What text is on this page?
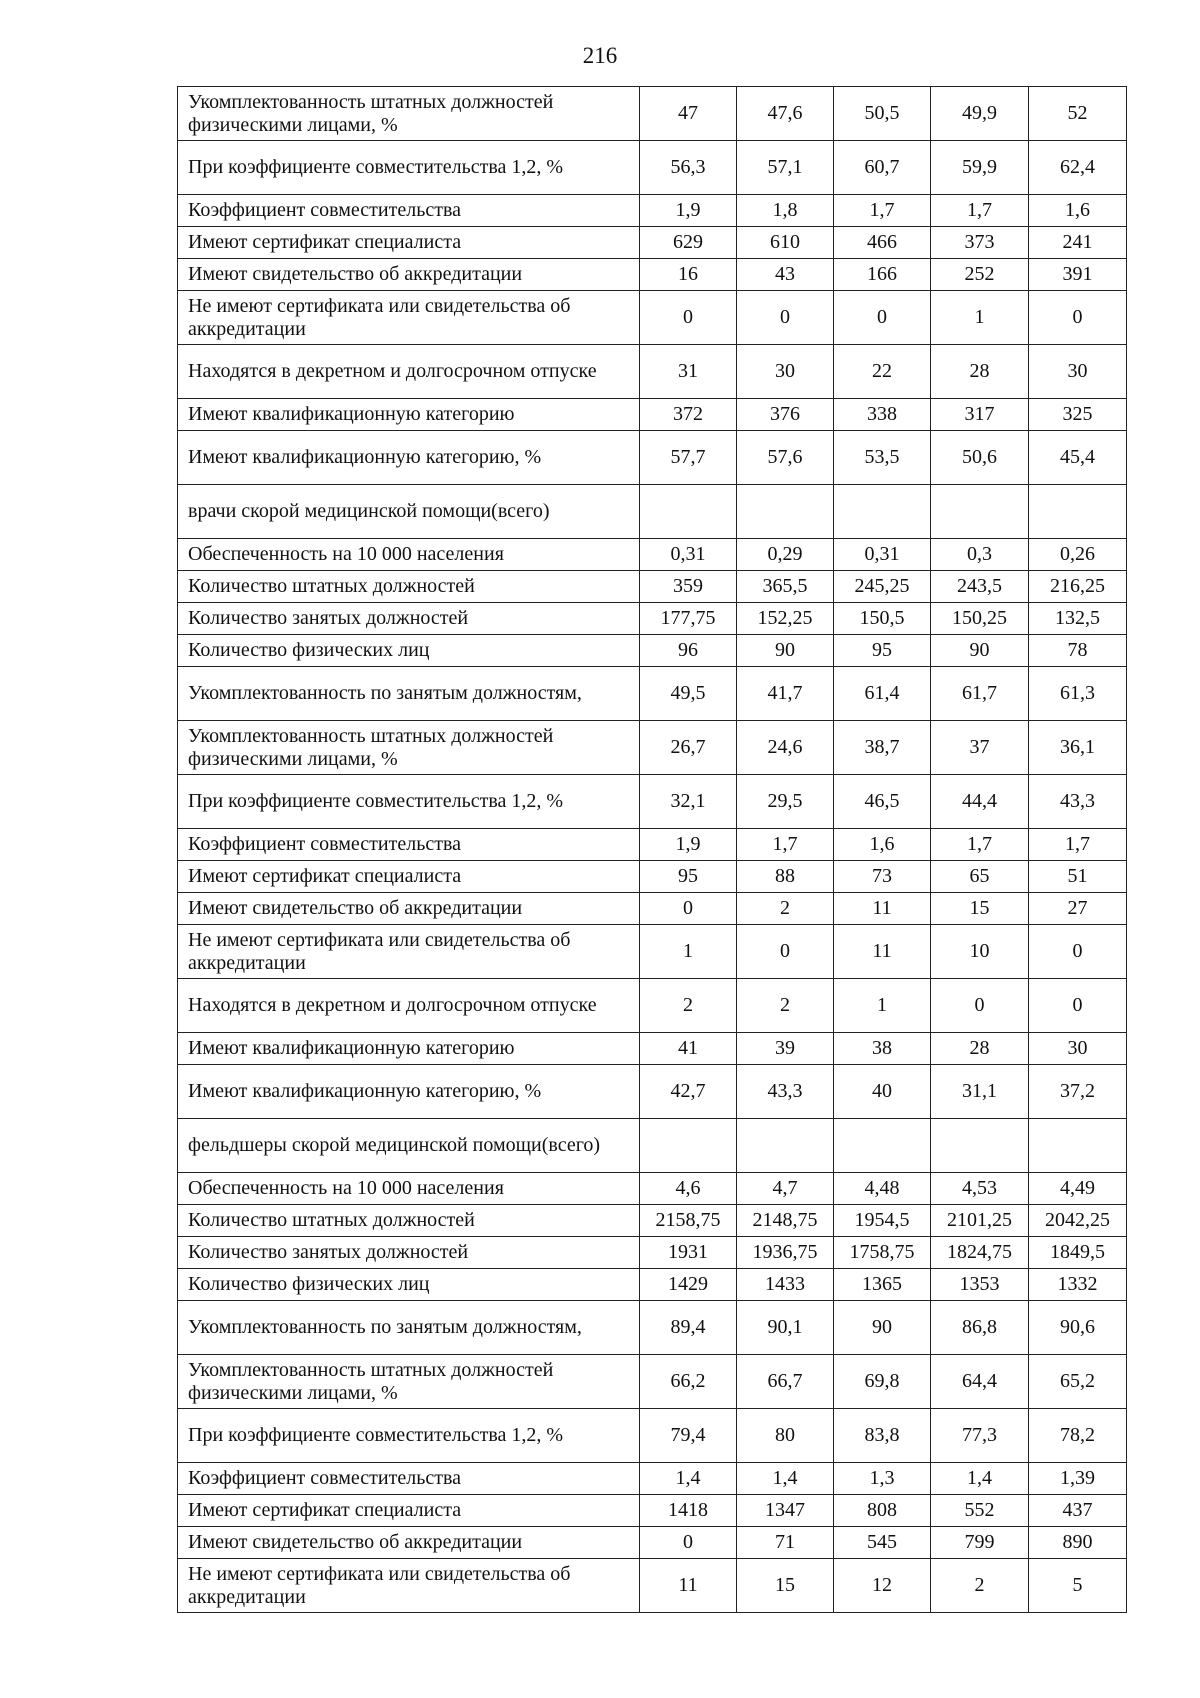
216
Укомплектованность штатных должностей физическими лицами, %	47	47,6	50,5	49,9	52
При коэффициенте совместительства 1,2, %	56,3	57,1	60,7	59,9	62,4
Коэффициент совместительства	1,9	1,8	1,7	1,7	1,6
Имеют сертификат специалиста	629	610	466	373	241
Имеют свидетельство об аккредитации	16	43	166	252	391
Не имеют сертификата или свидетельства об аккредитации	0	0	0	1	0
Находятся в декретном и долгосрочном отпуске	31	30	22	28	30
Имеют квалификационную категорию	372	376	338	317	325
Имеют квалификационную категорию, %	57,7	57,6	53,5	50,6	45,4
врачи скорой медицинской помощи(всего)					
Обеспеченность на 10 000 населения	0,31	0,29	0,31	0,3	0,26
Количество штатных должностей	359	365,5	245,25	243,5	216,25
Количество занятых должностей	177,75	152,25	150,5	150,25	132,5
Количество физических лиц	96	90	95	90	78
Укомплектованность по занятым должностям,	49,5	41,7	61,4	61,7	61,3
Укомплектованность штатных должностей физическими лицами, %	26,7	24,6	38,7	37	36,1
При коэффициенте совместительства 1,2, %	32,1	29,5	46,5	44,4	43,3
Коэффициент совместительства	1,9	1,7	1,6	1,7	1,7
Имеют сертификат специалиста	95	88	73	65	51
Имеют свидетельство об аккредитации	0	2	11	15	27
Не имеют сертификата или свидетельства об аккредитации	1	0	11	10	0
Находятся в декретном и долгосрочном отпуске	2	2	1	0	0
Имеют квалификационную категорию	41	39	38	28	30
Имеют квалификационную категорию, %	42,7	43,3	40	31,1	37,2
фельдшеры скорой медицинской помощи(всего)					
Обеспеченность на 10 000 населения	4,6	4,7	4,48	4,53	4,49
Количество штатных должностей	2158,75	2148,75	1954,5	2101,25	2042,25
Количество занятых должностей	1931	1936,75	1758,75	1824,75	1849,5
Количество физических лиц	1429	1433	1365	1353	1332
Укомплектованность по занятым должностям,	89,4	90,1	90	86,8	90,6
Укомплектованность штатных должностей физическими лицами, %	66,2	66,7	69,8	64,4	65,2
При коэффициенте совместительства 1,2, %	79,4	80	83,8	77,3	78,2
Коэффициент совместительства	1,4	1,4	1,3	1,4	1,39
Имеют сертификат специалиста	1418	1347	808	552	437
Имеют свидетельство об аккредитации	0	71	545	799	890
Не имеют сертификата или свидетельства об аккредитации	11	15	12	2	5
